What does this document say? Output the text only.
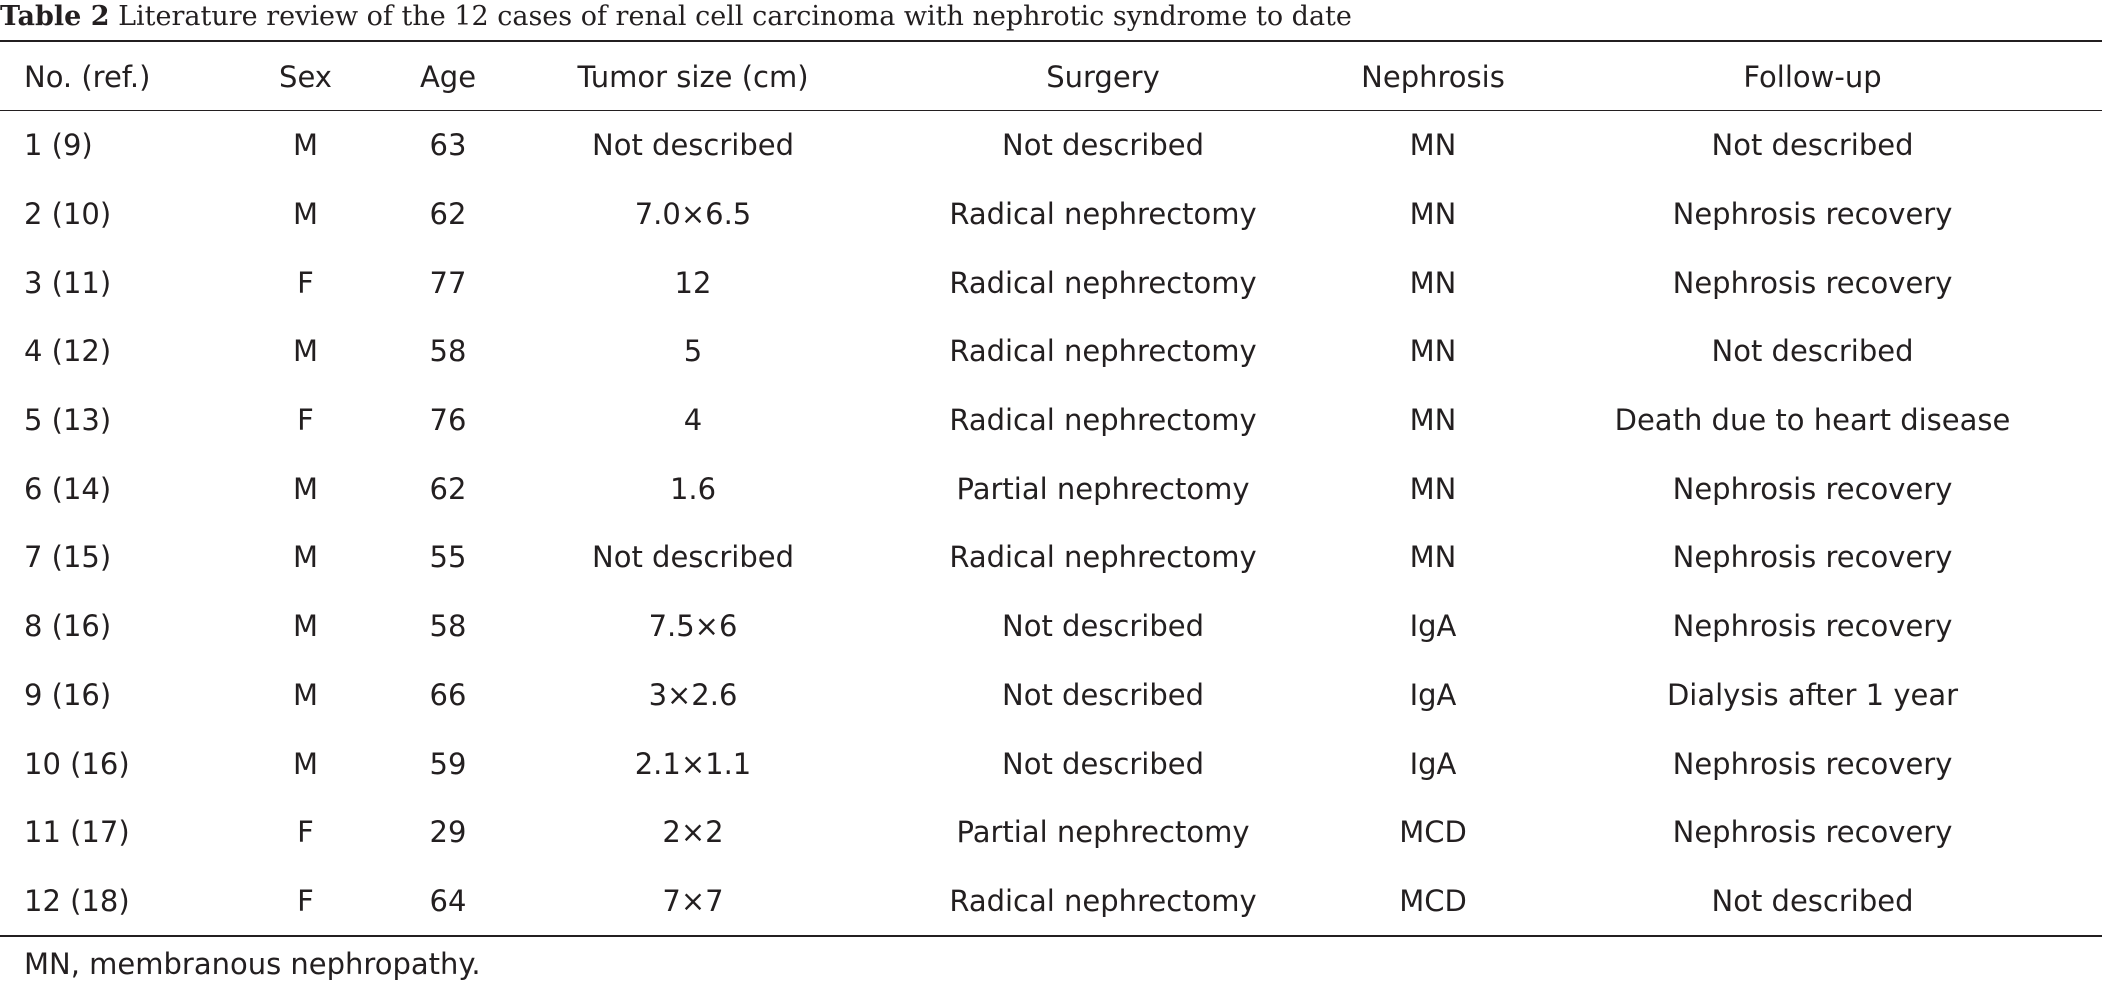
Table 2 Literature review of the 12 cases of renal cell carcinoma with nephrotic syndrome to date
No. (ref.)	Sex	Age	Tumor size (cm)	Surgery	Nephrosis	Follow-up
1 (9)	M	63	Not described	Not described	MN	Not described
2 (10)	M	62	7.0×6.5	Radical nephrectomy	MN	Nephrosis recovery
3 (11)	F	77	12	Radical nephrectomy	MN	Nephrosis recovery
4 (12)	M	58	5	Radical nephrectomy	MN	Not described
5 (13)	F	76	4	Radical nephrectomy	MN	Death due to heart disease
6 (14)	M	62	1.6	Partial nephrectomy	MN	Nephrosis recovery
7 (15)	M	55	Not described	Radical nephrectomy	MN	Nephrosis recovery
8 (16)	M	58	7.5×6	Not described	IgA	Nephrosis recovery
9 (16)	M	66	3×2.6	Not described	IgA	Dialysis after 1 year
10 (16)	M	59	2.1×1.1	Not described	IgA	Nephrosis recovery
11 (17)	F	29	2×2	Partial nephrectomy	MCD	Nephrosis recovery
12 (18)	F	64	7×7	Radical nephrectomy	MCD	Not described
MN, membranous nephropathy.
